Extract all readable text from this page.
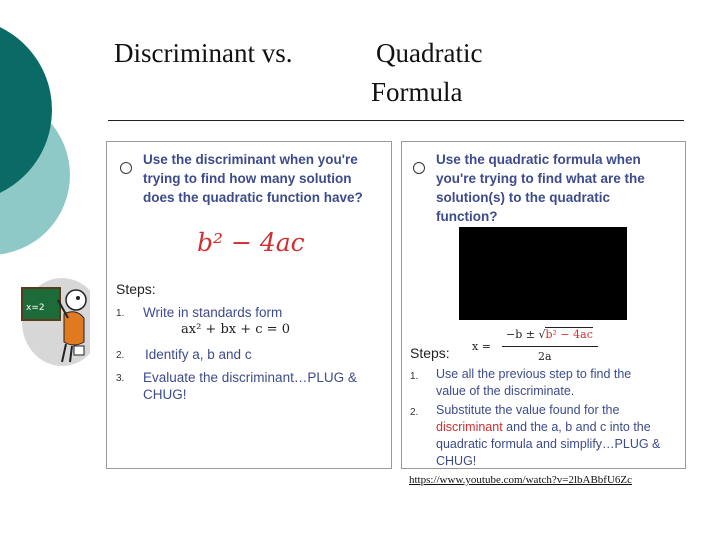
x=2
Discriminant vs.	Quadratic
Formula
Use the discriminant when you're
trying to find how many solution
does the quadratic function have?
b² − 4ac
Steps:
1. Write in standards form
ax² + bx + c = 0
2. Identify a, b and c
3. Evaluate the discriminant…PLUG &
CHUG!
Use the quadratic formula when
you're trying to find what are the
solution(s) to the quadratic
function?
x =
−b ± √b² − 4ac
2a
Steps:
1. Use all the previous step to find the
value of the discriminate.
2. Substitute the value found for the
discriminant and the a, b and c into the
quadratic formula and simplify…PLUG &
CHUG!
https://www.youtube.com/watch?v=2lbABbfU6Zc
